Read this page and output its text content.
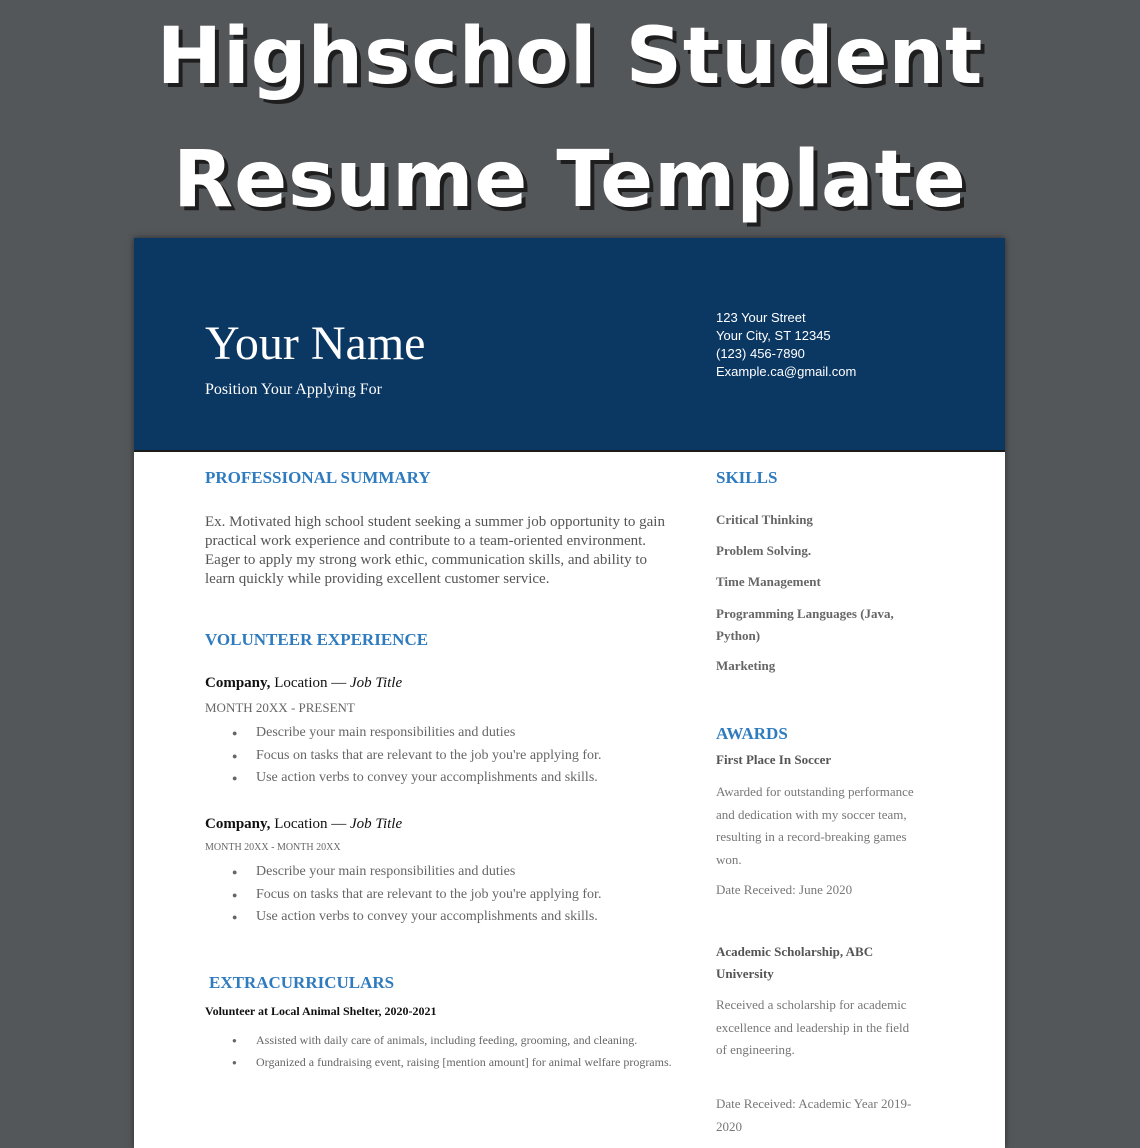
Highschol Student
Resume Template
Your Name
Position Your Applying For
123 Your Street
Your City, ST 12345
(123) 456-7890
Example.ca@gmail.com
PROFESSIONAL SUMMARY
Ex. Motivated high school student seeking a summer job opportunity to gain practical work experience and contribute to a team-oriented environment. Eager to apply my strong work ethic, communication skills, and ability to learn quickly while providing excellent customer service.
VOLUNTEER EXPERIENCE
Company, Location — Job Title
MONTH 20XX - PRESENT
● Describe your main responsibilities and duties
● Focus on tasks that are relevant to the job you're applying for.
● Use action verbs to convey your accomplishments and skills.
Company, Location — Job Title
MONTH 20XX - MONTH 20XX
● Describe your main responsibilities and duties
● Focus on tasks that are relevant to the job you're applying for.
● Use action verbs to convey your accomplishments and skills.
EXTRACURRICULARS
Volunteer at Local Animal Shelter, 2020-2021
● Assisted with daily care of animals, including feeding, grooming, and cleaning.
● Organized a fundraising event, raising [mention amount] for animal welfare programs.
SKILLS
Critical Thinking
Problem Solving.
Time Management
Programming Languages (Java, Python)
Marketing
AWARDS
First Place In Soccer
Awarded for outstanding performance and dedication with my soccer team, resulting in a record-breaking games won.
Date Received: June 2020
Academic Scholarship, ABC University
Received a scholarship for academic excellence and leadership in the field of engineering.
Date Received: Academic Year 2019-2020
